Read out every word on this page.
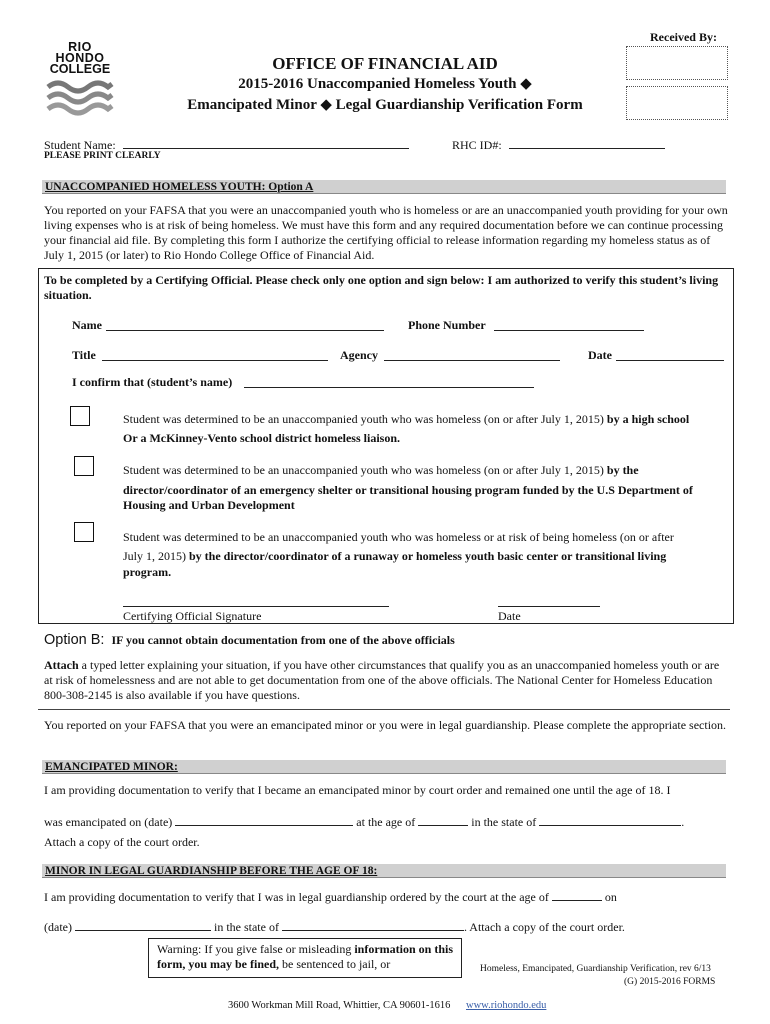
Received By:
RIO
HONDO
COLLEGE	OFFICE OF FINANCIAL AID
2015-2016 Unaccompanied Homeless Youth ◆
Emancipated Minor ◆ Legal Guardianship Verification Form
Student Name:
PLEASE PRINT CLEARLY
RHC ID#:
UNACCOMPANIED HOMELESS YOUTH: Option A
You reported on your FAFSA that you were an unaccompanied youth who is homeless or are an unaccompanied youth providing for your own living expenses who is at risk of being homeless. We must have this form and any required documentation before we can continue processing your financial aid file. By completing this form I authorize the certifying official to release information regarding my homeless status as of July 1, 2015 (or later) to Rio Hondo College Office of Financial Aid.
To be completed by a Certifying Official. Please check only one option and sign below: I am authorized to verify this student’s living situation.
Name	Phone Number
Title	Agency	Date
I confirm that (student’s name)
Student was determined to be an unaccompanied youth who was homeless (on or after July 1, 2015) by a high school
Or a McKinney-Vento school district homeless liaison.
Student was determined to be an unaccompanied youth who was homeless (on or after July 1, 2015) by the
director/coordinator of an emergency shelter or transitional housing program funded by the U.S Department of
Housing and Urban Development
Student was determined to be an unaccompanied youth who was homeless or at risk of being homeless (on or after
July 1, 2015) by the director/coordinator of a runaway or homeless youth basic center or transitional living
program.
Certifying Official Signature	Date
Option B: IF you cannot obtain documentation from one of the above officials
Attach a typed letter explaining your situation, if you have other circumstances that qualify you as an unaccompanied homeless youth or are at risk of homelessness and are not able to get documentation from one of the above officials. The National Center for Homeless Education 800-308-2145 is also available if you have questions.
You reported on your FAFSA that you were an emancipated minor or you were in legal guardianship. Please complete the appropriate section.
EMANCIPATED MINOR:
I am providing documentation to verify that I became an emancipated minor by court order and remained one until the age of 18. I
was emancipated on (date)	at the age of	in the state of	.
Attach a copy of the court order.
MINOR IN LEGAL GUARDIANSHIP BEFORE THE AGE OF 18:
I am providing documentation to verify that I was in legal guardianship ordered by the court at the age of	on
(date)	in the state of	. Attach a copy of the court order.
Warning: If you give false or misleading information on this form, you may be fined, be sentenced to jail, or	Homeless, Emancipated, Guardianship Verification, rev 6/13
(G) 2015-2016 FORMS
3600 Workman Mill Road, Whittier, CA 90601-1616 www.riohondo.edu
